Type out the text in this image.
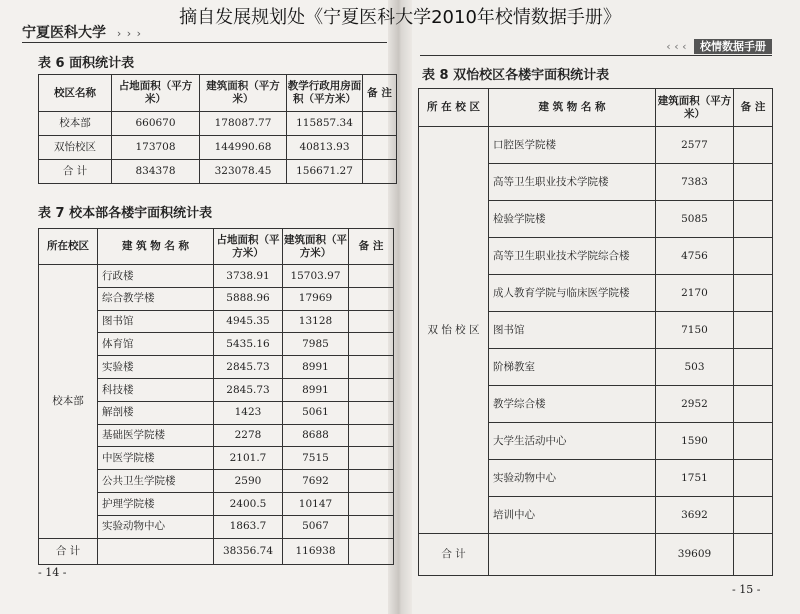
摘自发展规划处《宁夏医科大学2010年校情数据手册》
宁夏医科大学 › › ›
‹ ‹ ‹ 校情数据手册
表 6 面积统计表
校区名称	占地面积（平方米）	建筑面积（平方米）	教学行政用房面积（平方米）	备 注
校本部	660670	178087.77	115857.34	
双怡校区	173708	144990.68	40813.93	
合 计	834378	323078.45	156671.27	
表 7 校本部各楼宇面积统计表
所在校区	建 筑 物 名 称	占地面积（平方米）	建筑面积（平方米）	备 注
校本部	行政楼	3738.91	15703.97	
	综合教学楼	5888.96	17969	
	图书馆	4945.35	13128	
	体育馆	5435.16	7985	
	实验楼	2845.73	8991	
	科技楼	2845.73	8991	
	解剖楼	1423	5061	
	基础医学院楼	2278	8688	
	中医学院楼	2101.7	7515	
	公共卫生学院楼	2590	7692	
	护理学院楼	2400.5	10147	
	实验动物中心	1863.7	5067	
合 计		38356.74	116938	
- 14 -
表 8 双怡校区各楼宇面积统计表
所 在 校 区	建 筑 物 名 称	建筑面积（平方米）	备 注
双 怡 校 区	口腔医学院楼	2577	
	高等卫生职业技术学院楼	7383	
	检验学院楼	5085	
	高等卫生职业技术学院综合楼	4756	
	成人教育学院与临床医学院楼	2170	
	图书馆	7150	
	阶梯教室	503	
	教学综合楼	2952	
	大学生活动中心	1590	
	实验动物中心	1751	
	培训中心	3692	
合 计		39609	
- 15 -
